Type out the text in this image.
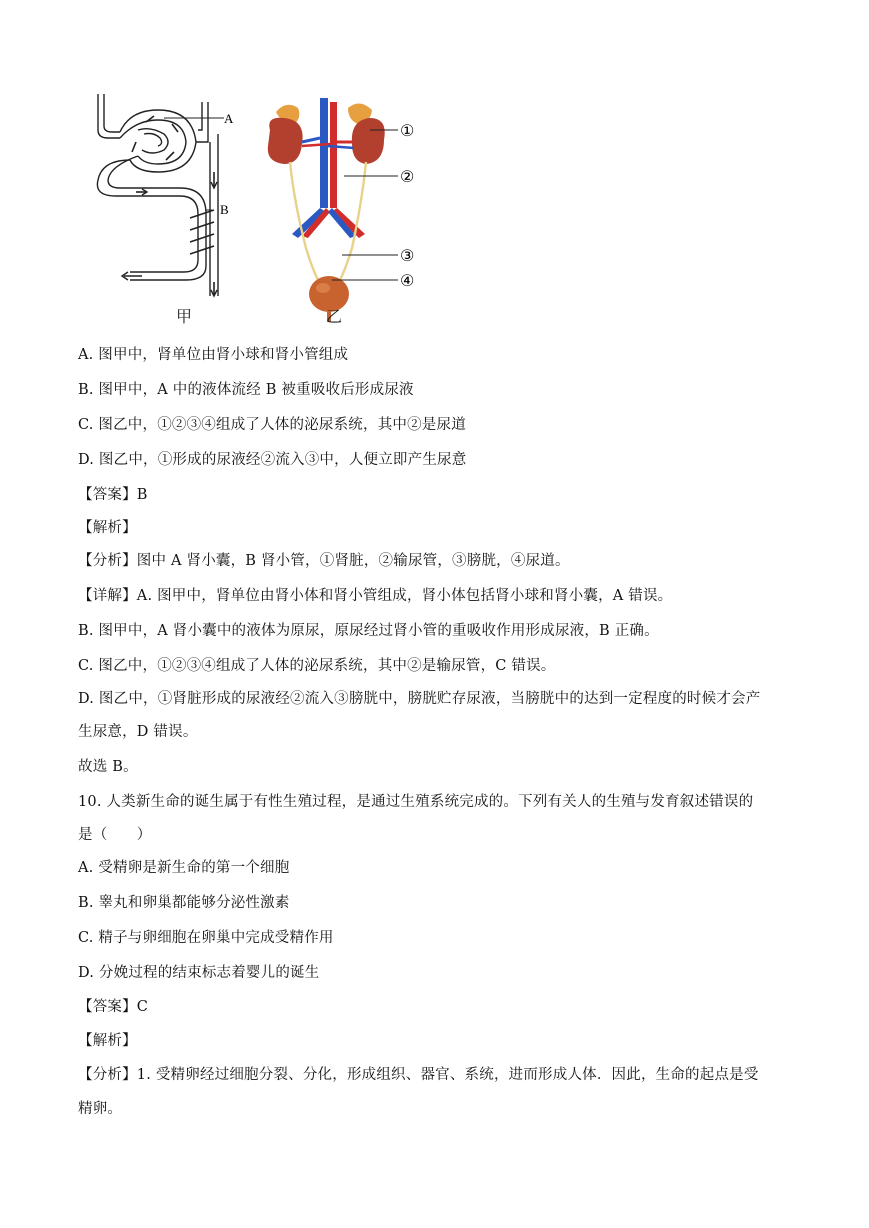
A
B
①
②
③
④
甲	乙
A. 图甲中，肾单位由肾小球和肾小管组成
B. 图甲中，A 中的液体流经 B 被重吸收后形成尿液
C. 图乙中，①②③④组成了人体的泌尿系统，其中②是尿道
D. 图乙中，①形成的尿液经②流入③中，人便立即产生尿意
【答案】B
【解析】
【分析】图中 A 肾小囊，B 肾小管，①肾脏，②输尿管，③膀胱，④尿道。
【详解】A. 图甲中，肾单位由肾小体和肾小管组成，肾小体包括肾小球和肾小囊，A 错误。
B. 图甲中，A 肾小囊中的液体为原尿，原尿经过肾小管的重吸收作用形成尿液，B 正确。
C. 图乙中，①②③④组成了人体的泌尿系统，其中②是输尿管，C 错误。
D. 图乙中，①肾脏形成的尿液经②流入③膀胱中，膀胱贮存尿液，当膀胱中的达到一定程度的时候才会产
生尿意，D 错误。
故选 B。
10. 人类新生命的诞生属于有性生殖过程，是通过生殖系统完成的。下列有关人的生殖与发育叙述错误的
是（　　）
A. 受精卵是新生命的第一个细胞
B. 睾丸和卵巢都能够分泌性激素
C. 精子与卵细胞在卵巢中完成受精作用
D. 分娩过程的结束标志着婴儿的诞生
【答案】C
【解析】
【分析】1. 受精卵经过细胞分裂、分化，形成组织、器官、系统，进而形成人体．因此，生命的起点是受
精卵。
